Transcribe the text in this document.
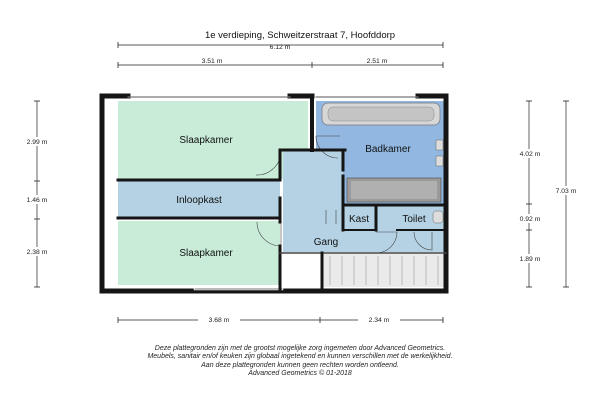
1e verdieping, Schweitzerstraat 7, Hoofddorp
6.12 m
3.51 m	2.51 m
Slaapkamer
Inloopkast
Slaapkamer
Badkamer
Kast	Toilet
Gang
2.99 m
1.46 m
2.38 m
4.02 m
0.92 m
1.89 m
7.03 m
3.68 m	2.34 m
Deze plattegronden zijn met de grootst mogelijke zorg ingemeten door Advanced Geometrics.
Meubels, sanitair en/of keuken zijn globaal ingetekend en kunnen verschillen met de werkelijkheid.
Aan deze plattegronden kunnen geen rechten worden ontleend.
Advanced Geometrics © 01-2018
